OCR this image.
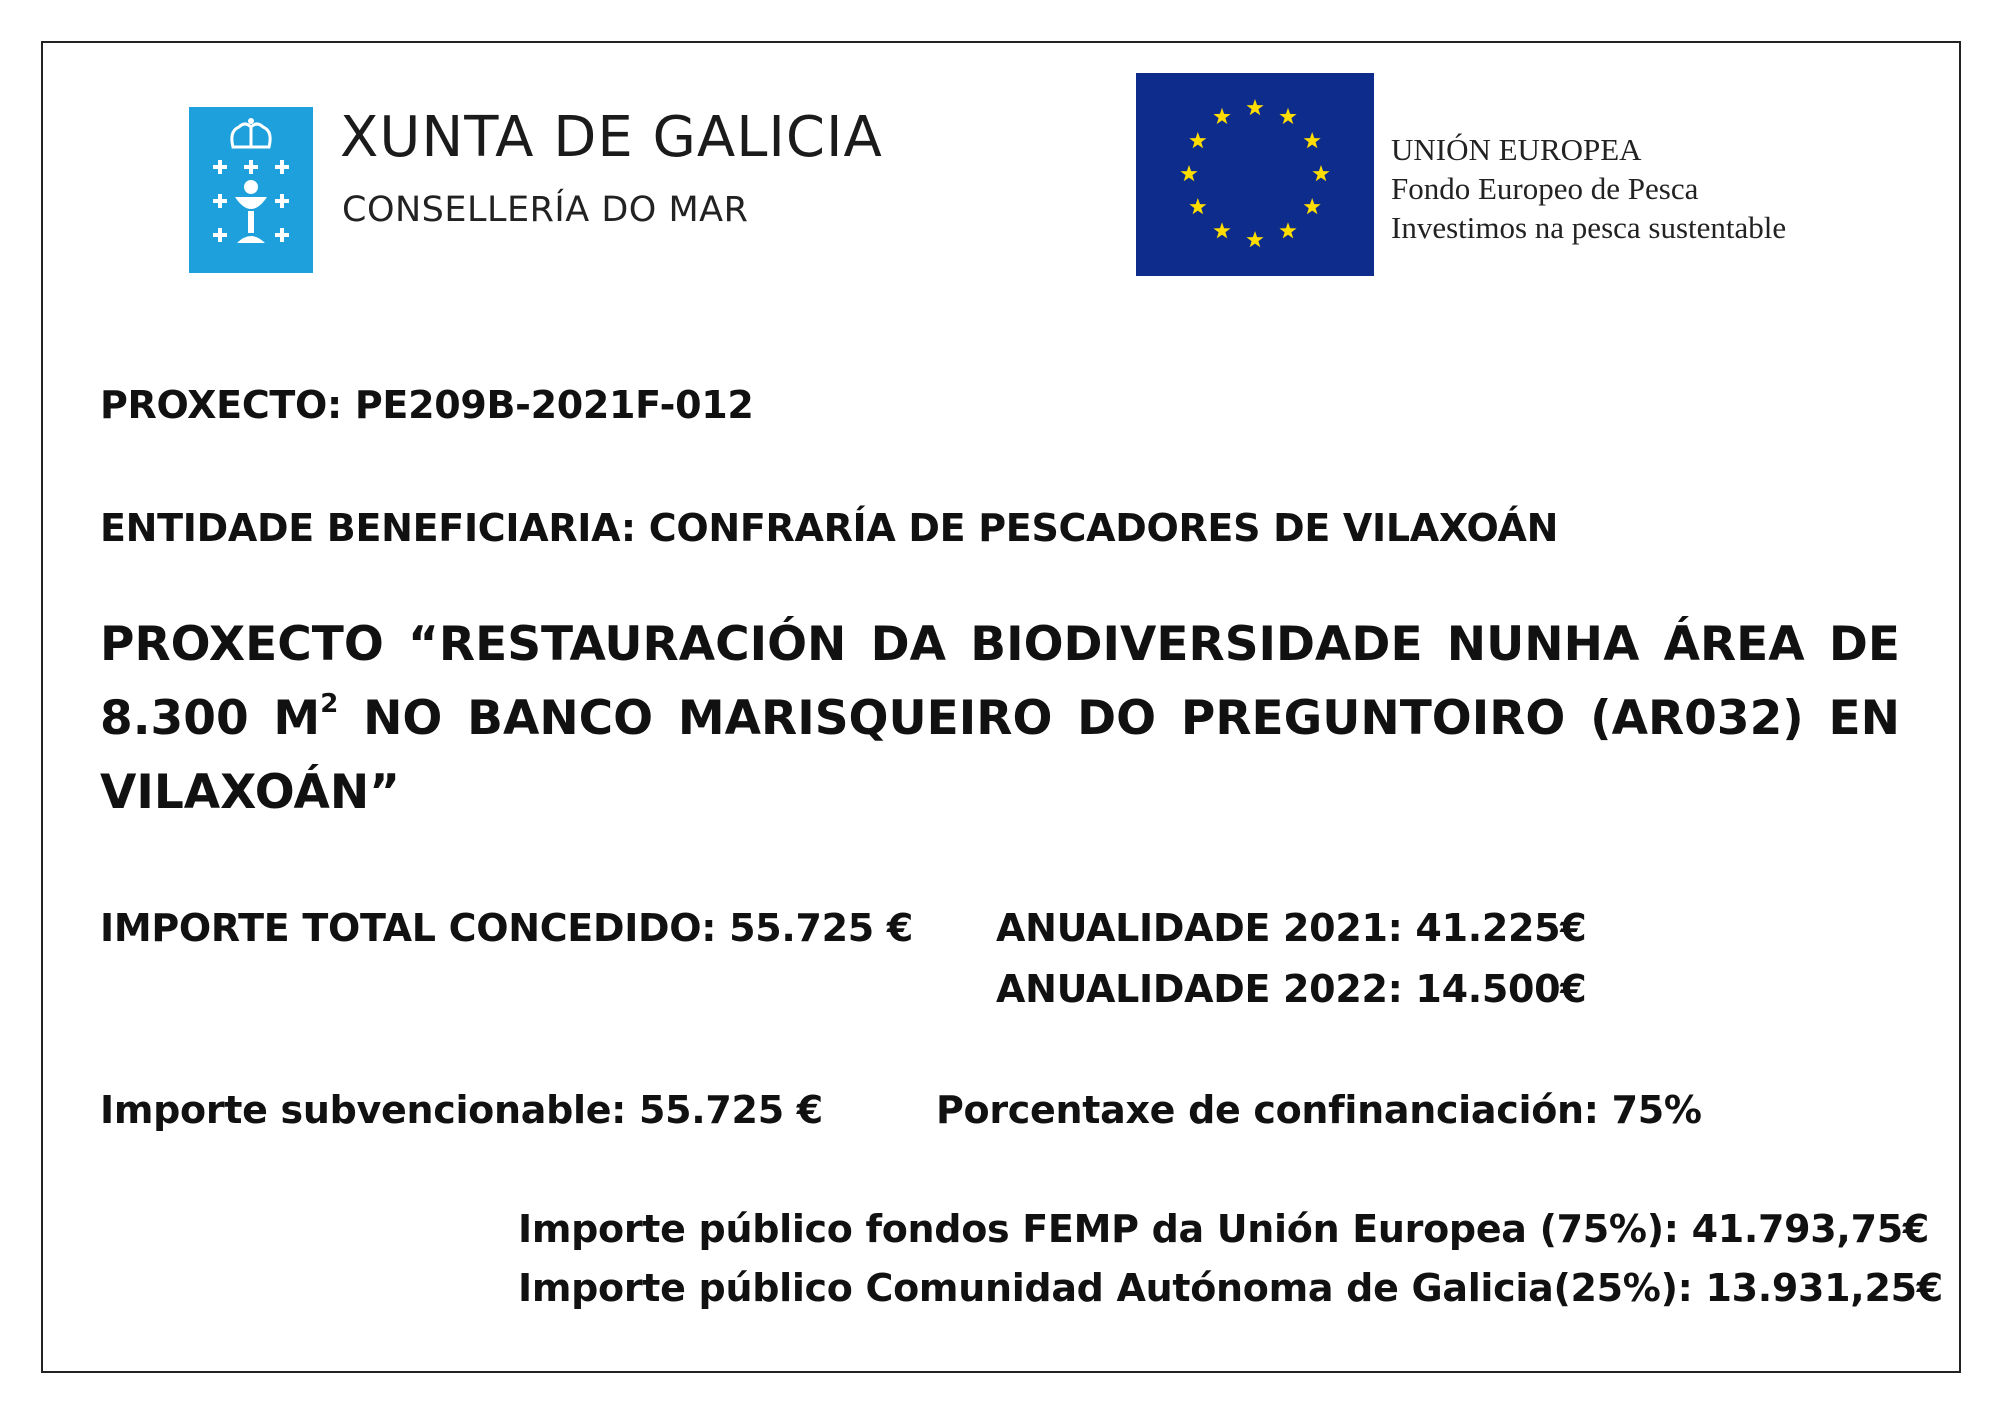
XUNTA DE GALICIA
CONSELLERÍA DO MAR
UNIÓN EUROPEA
Fondo Europeo de Pesca
Investimos na pesca sustentable
PROXECTO: PE209B-2021F-012
ENTIDADE BENEFICIARIA: CONFRARÍA DE PESCADORES DE VILAXOÁN
PROXECTO “RESTAURACIÓN DA BIODIVERSIDADE NUNHA ÁREA DE 8.300 $M^2$ NO BANCO MARISQUEIRO DO PREGUNTOIRO (AR032) EN VILAXOÁN”
IMPORTE TOTAL CONCEDIDO: 55.725 € ANUALIDADE 2021: 41.225€
ANUALIDADE 2022: 14.500€
Importe subvencionable: 55.725 €	Porcentaxe de confinanciación: 75%
Importe público fondos FEMP da Unión Europea (75%): 41.793,75€
Importe público Comunidad Autónoma de Galicia(25%): 13.931,25€
